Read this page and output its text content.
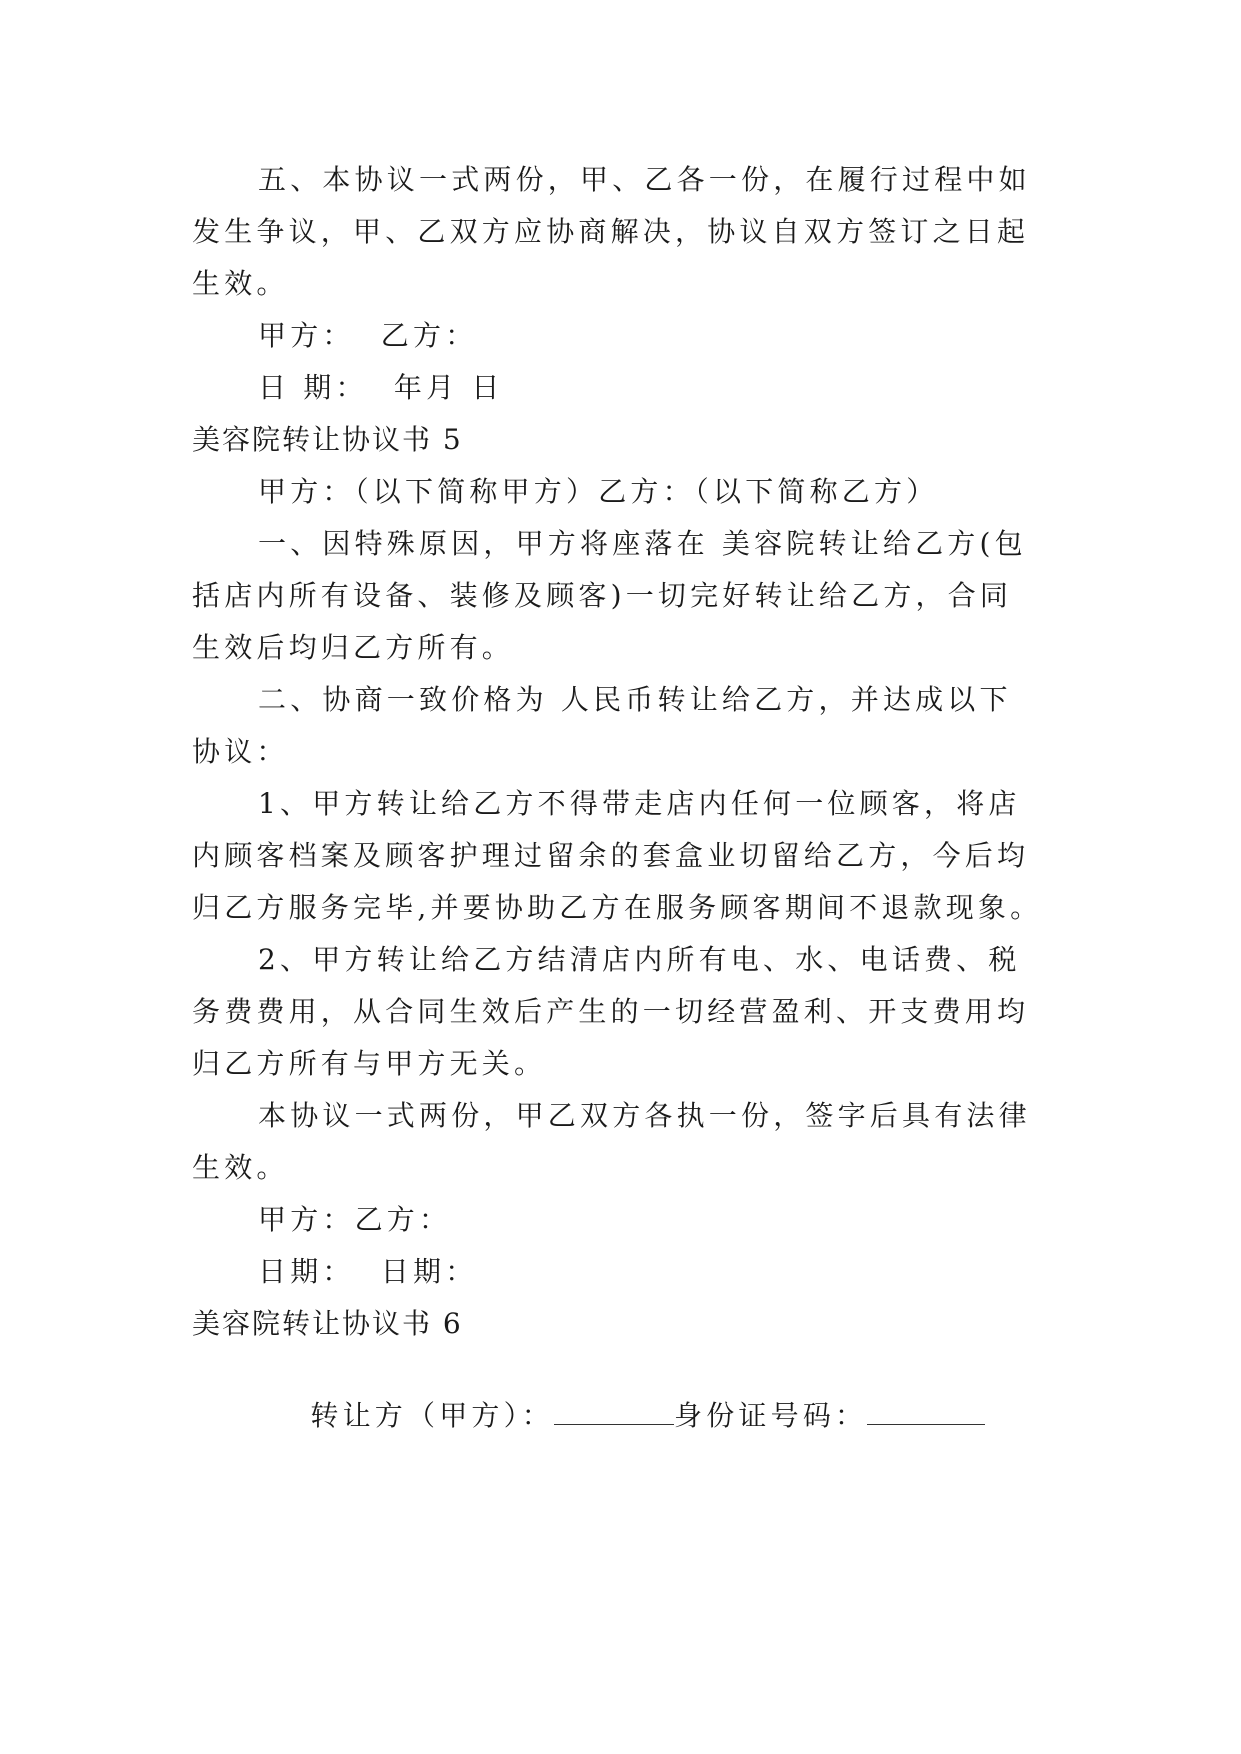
五、本协议一式两份，甲、乙各一份，在履行过程中如
发生争议，甲、乙双方应协商解决，协议自双方签订之日起
生效。
甲方：  乙方：
日 期：  年月 日
美容院转让协议书 5
甲方：（以下简称甲方）乙方：（以下简称乙方）
一、因特殊原因，甲方将座落在 美容院转让给乙方(包
括店内所有设备、装修及顾客)一切完好转让给乙方，合同
生效后均归乙方所有。
二、协商一致价格为 人民币转让给乙方，并达成以下
协议：
1、甲方转让给乙方不得带走店内任何一位顾客，将店
内顾客档案及顾客护理过留余的套盒业切留给乙方，今后均
归乙方服务完毕,并要协助乙方在服务顾客期间不退款现象。
2、甲方转让给乙方结清店内所有电、水、电话费、税
务费费用，从合同生效后产生的一切经营盈利、开支费用均
归乙方所有与甲方无关。
本协议一式两份，甲乙双方各执一份，签字后具有法律
生效。
甲方：乙方：
日期：  日期：
美容院转让协议书 6

转让方（甲方）：	身份证号码：
